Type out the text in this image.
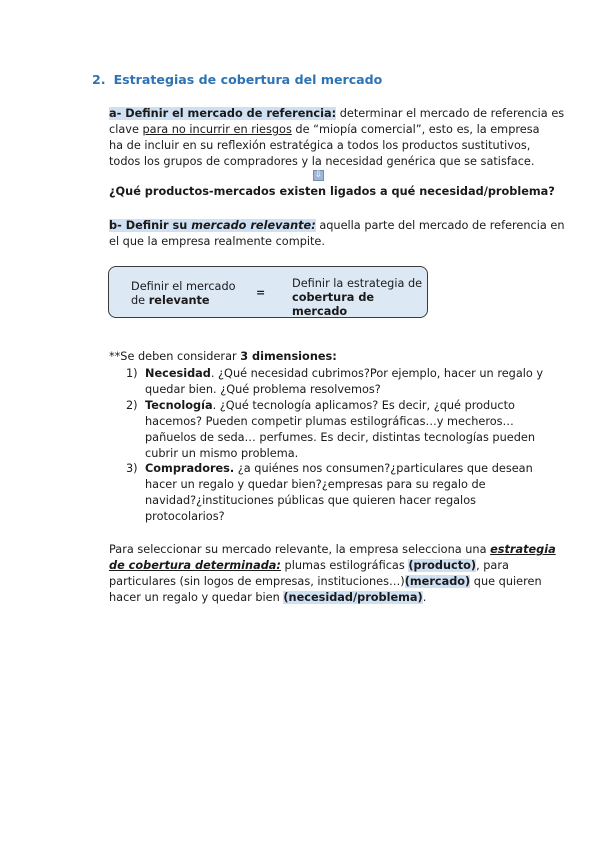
2. Estrategias de cobertura del mercado
a- Definir el mercado de referencia: determinar el mercado de referencia es
clave para no incurrir en riesgos de “miopía comercial”, esto es, la empresa
ha de incluir en su reflexión estratégica a todos los productos sustitutivos,
todos los grupos de compradores y la necesidad genérica que se satisface.
⇩
¿Qué productos-mercados existen ligados a qué necesidad/problema?
b- Definir su mercado relevante: aquella parte del mercado de referencia en
el que la empresa realmente compite.
Definir el mercado
de relevante
=
Definir la estrategia de
cobertura de mercado
**Se deben considerar 3 dimensiones:
1) Necesidad. ¿Qué necesidad cubrimos?Por ejemplo, hacer un regalo y
quedar bien. ¿Qué problema resolvemos?
2) Tecnología. ¿Qué tecnología aplicamos? Es decir, ¿qué producto
hacemos? Pueden competir plumas estilográficas…y mecheros…
pañuelos de seda… perfumes. Es decir, distintas tecnologías pueden
cubrir un mismo problema.
3) Compradores. ¿a quiénes nos consumen?¿particulares que desean
hacer un regalo y quedar bien?¿empresas para su regalo de
navidad?¿instituciones públicas que quieren hacer regalos
protocolarios?
Para seleccionar su mercado relevante, la empresa selecciona una estrategia
de cobertura determinada: plumas estilográficas (producto), para
particulares (sin logos de empresas, instituciones…)(mercado) que quieren
hacer un regalo y quedar bien (necesidad/problema).
